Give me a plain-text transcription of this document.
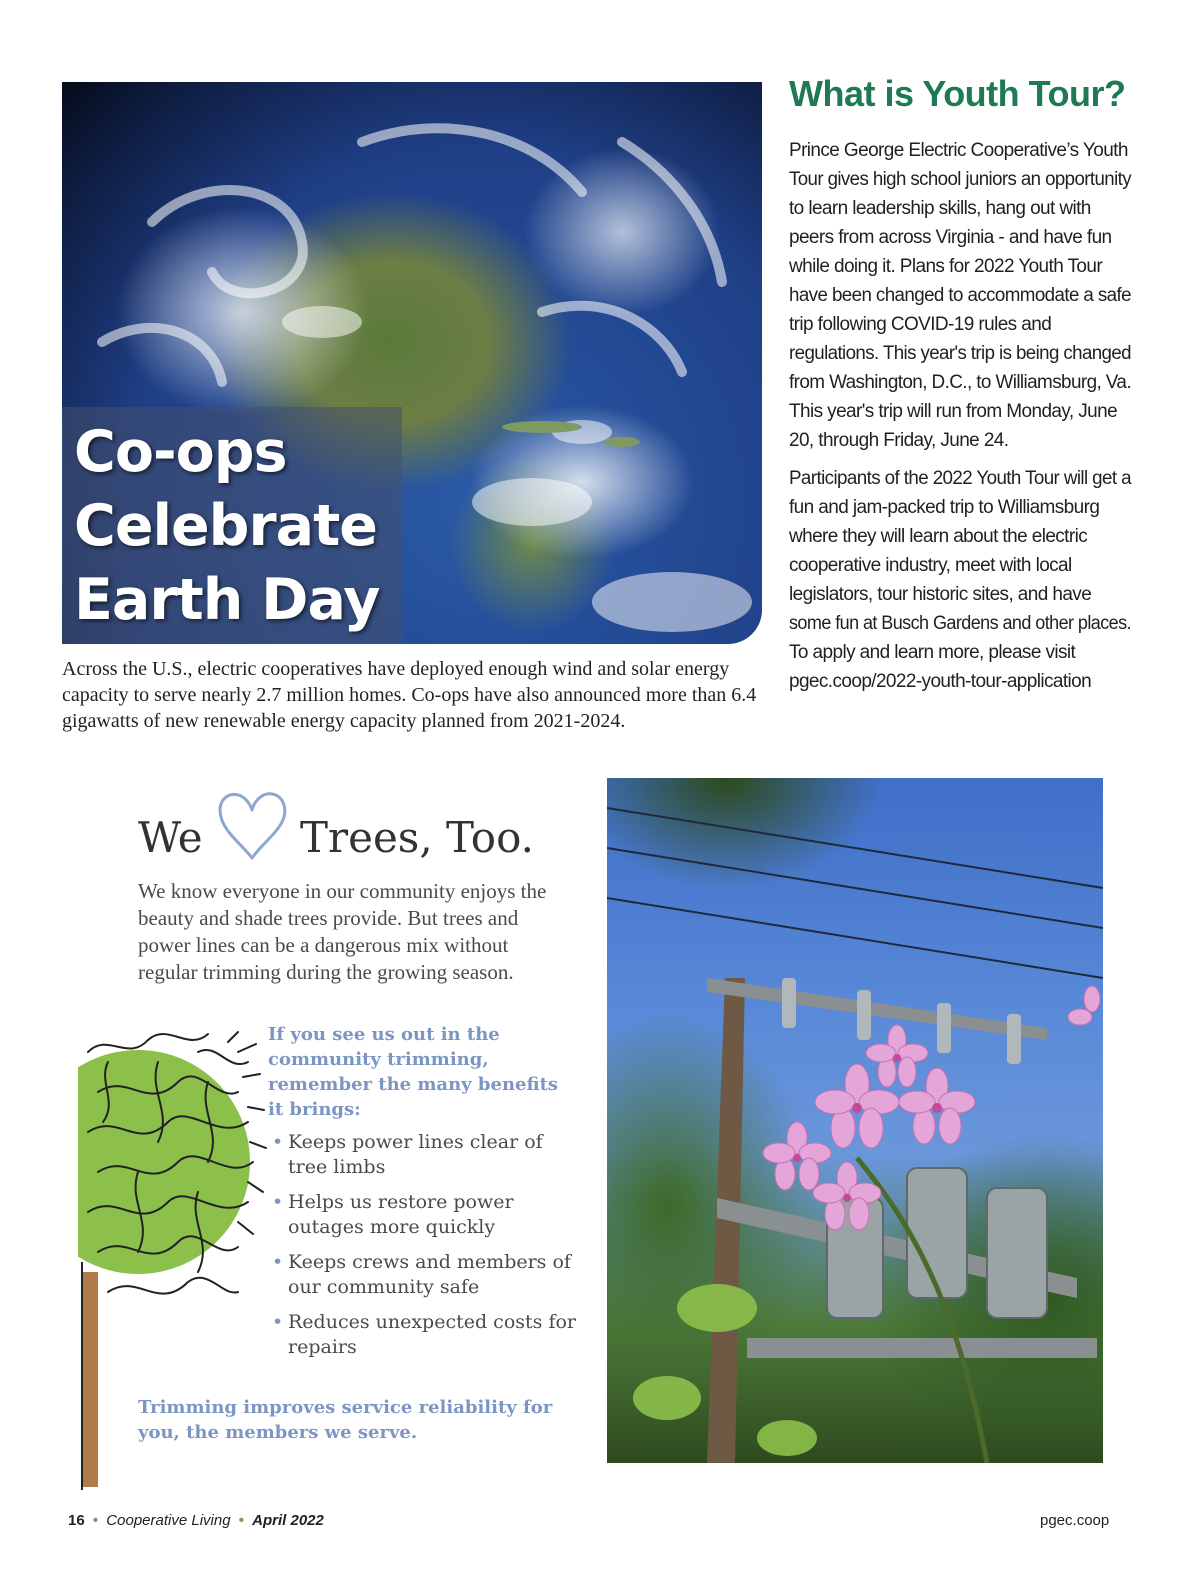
Co-ops
Celebrate
Earth Day
Across the U.S., electric cooperatives have deployed enough wind and solar energy capacity to serve nearly 2.7 million homes. Co-ops have also announced more than 6.4 gigawatts of new renewable energy capacity planned from 2021-2024.
What is Youth Tour?

Prince George Electric Cooperative’s Youth
Tour gives high school juniors an opportunity
to learn leadership skills, hang out with
peers from across Virginia - and have fun
while doing it. Plans for 2022 Youth Tour
have been changed to accommodate a safe
trip following COVID-19 rules and
regulations. This year's trip is being changed
from Washington, D.C., to Williamsburg, Va.
This year's trip will run from Monday, June
20, through Friday, June 24.

Participants of the 2022 Youth Tour will get a
fun and jam-packed trip to Williamsburg
where they will learn about the electric
cooperative industry, meet with local
legislators, tour historic sites, and have
some fun at Busch Gardens and other places.
To apply and learn more, please visit
pgec.coop/2022-youth-tour-application

We Trees, Too.
We know everyone in our community enjoys the beauty and shade trees provide. But trees and power lines can be a dangerous mix without regular trimming during the growing season.
If you see us out in the community trimming, remember the many benefits it brings:
• Keeps power lines clear of tree limbs
• Helps us restore power outages more quickly
• Keeps crews and members of our community safe
• Reduces unexpected costs for repairs
Trimming improves service reliability for you, the members we serve.
16 • Cooperative Living • April 2022	pgec.coop
